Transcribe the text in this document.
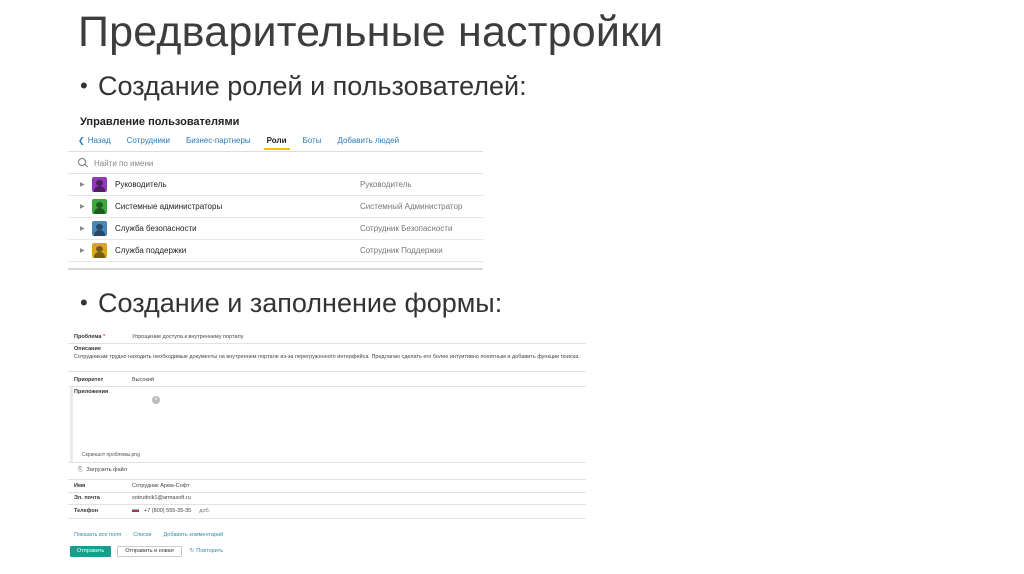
Предварительные настройки
• Создание ролей и пользователей:
Управление пользователями
❮ Назад Сотрудники Бизнес-партнеры Роли Боты Добавить людей
Найти по имени
▶	Руководитель	Руководитель
▶	Системные администраторы	Системный Администратор
▶	Служба безопасности	Сотрудник Безопасности
▶	Служба поддержки	Сотрудник Поддержки
• Создание и заполнение формы:
Проблема *	Упрощение доступа к внутреннему порталу
Описание
Сотрудникам трудно находить необходимые документы на внутреннем портале из-за перегруженного интерфейса. Предлагаю сделать его более интуитивно понятным и добавить функции поиска.
Приоритет	Высокий
Приложения
×
Скриншот проблемы.png
⎘ Загрузить файл
Имя	Сотрудник Арма-Софт
Эл. почта	sotrudnik1@armasoft.ru
Телефон	+7 (800) 555-35-35 доб.
Показать все поля Списки Добавить комментарий
Отправить	Отправить и новая	↻ Повторить
